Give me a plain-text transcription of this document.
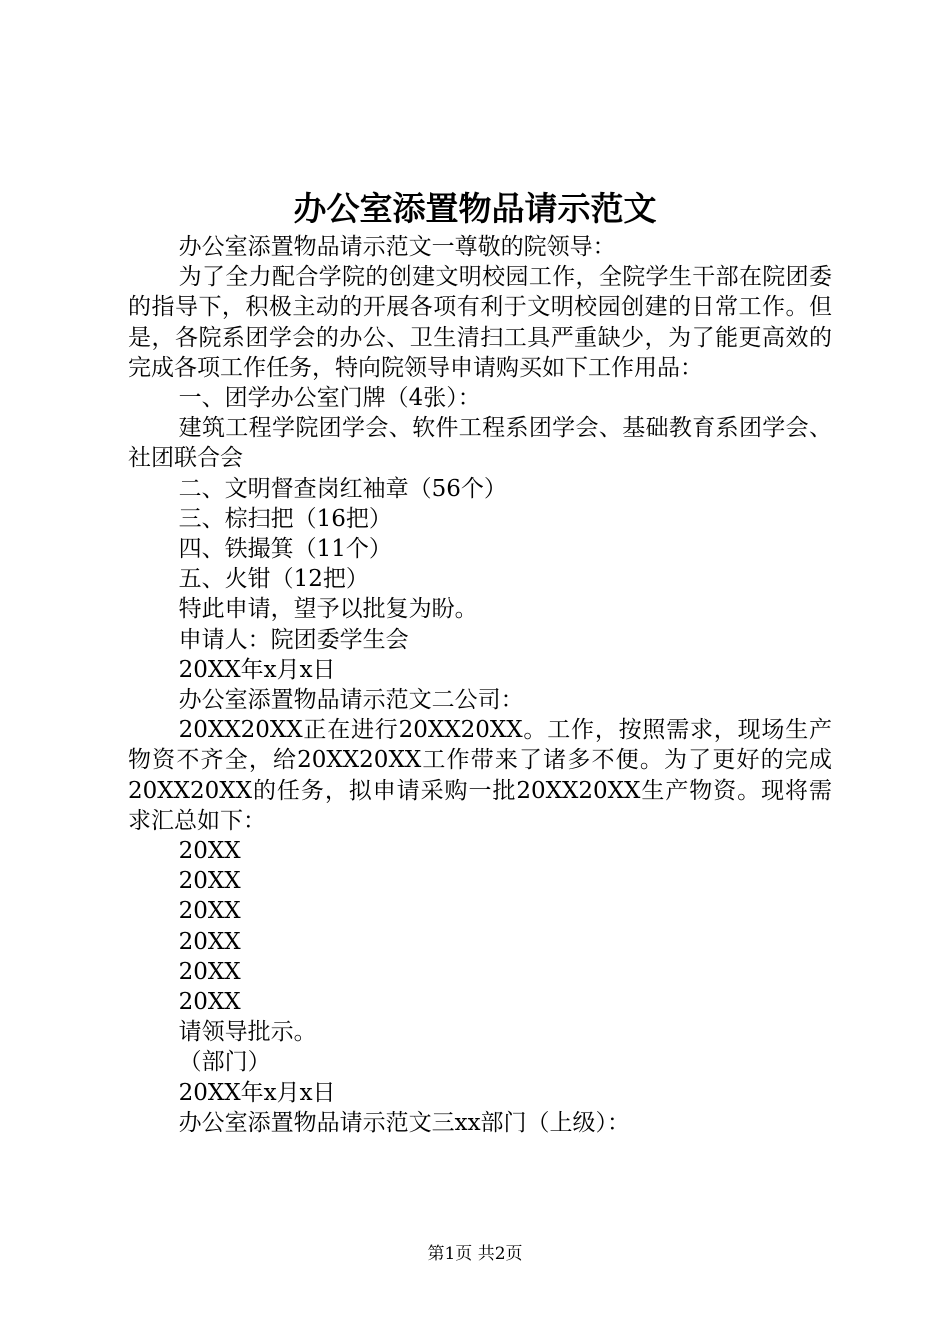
办公室添置物品请示范文

办公室添置物品请示范文一尊敬的院领导：

为了全力配合学院的创建文明校园工作，全院学生干部在院团委的指导下，积极主动的开展各项有利于文明校园创建的日常工作。但是，各院系团学会的办公、卫生清扫工具严重缺少，为了能更高效的完成各项工作任务，特向院领导申请购买如下工作用品：

一、团学办公室门牌（4张）：

建筑工程学院团学会、软件工程系团学会、基础教育系团学会、社团联合会

二、文明督查岗红袖章（56个）

三、棕扫把（16把）

四、铁撮箕（11个）

五、火钳（12把）

特此申请，望予以批复为盼。

申请人：院团委学生会

20XX年x月x日

办公室添置物品请示范文二公司：

20XX20XX正在进行20XX20XX。工作，按照需求，现场生产物资不齐全，给20XX20XX工作带来了诸多不便。为了更好的完成20XX20XX的任务，拟申请采购一批20XX20XX生产物资。现将需求汇总如下：

20XX

20XX

20XX

20XX

20XX

20XX

请领导批示。

（部门）

20XX年x月x日

办公室添置物品请示范文三xx部门（上级）：

第1页 共2页
